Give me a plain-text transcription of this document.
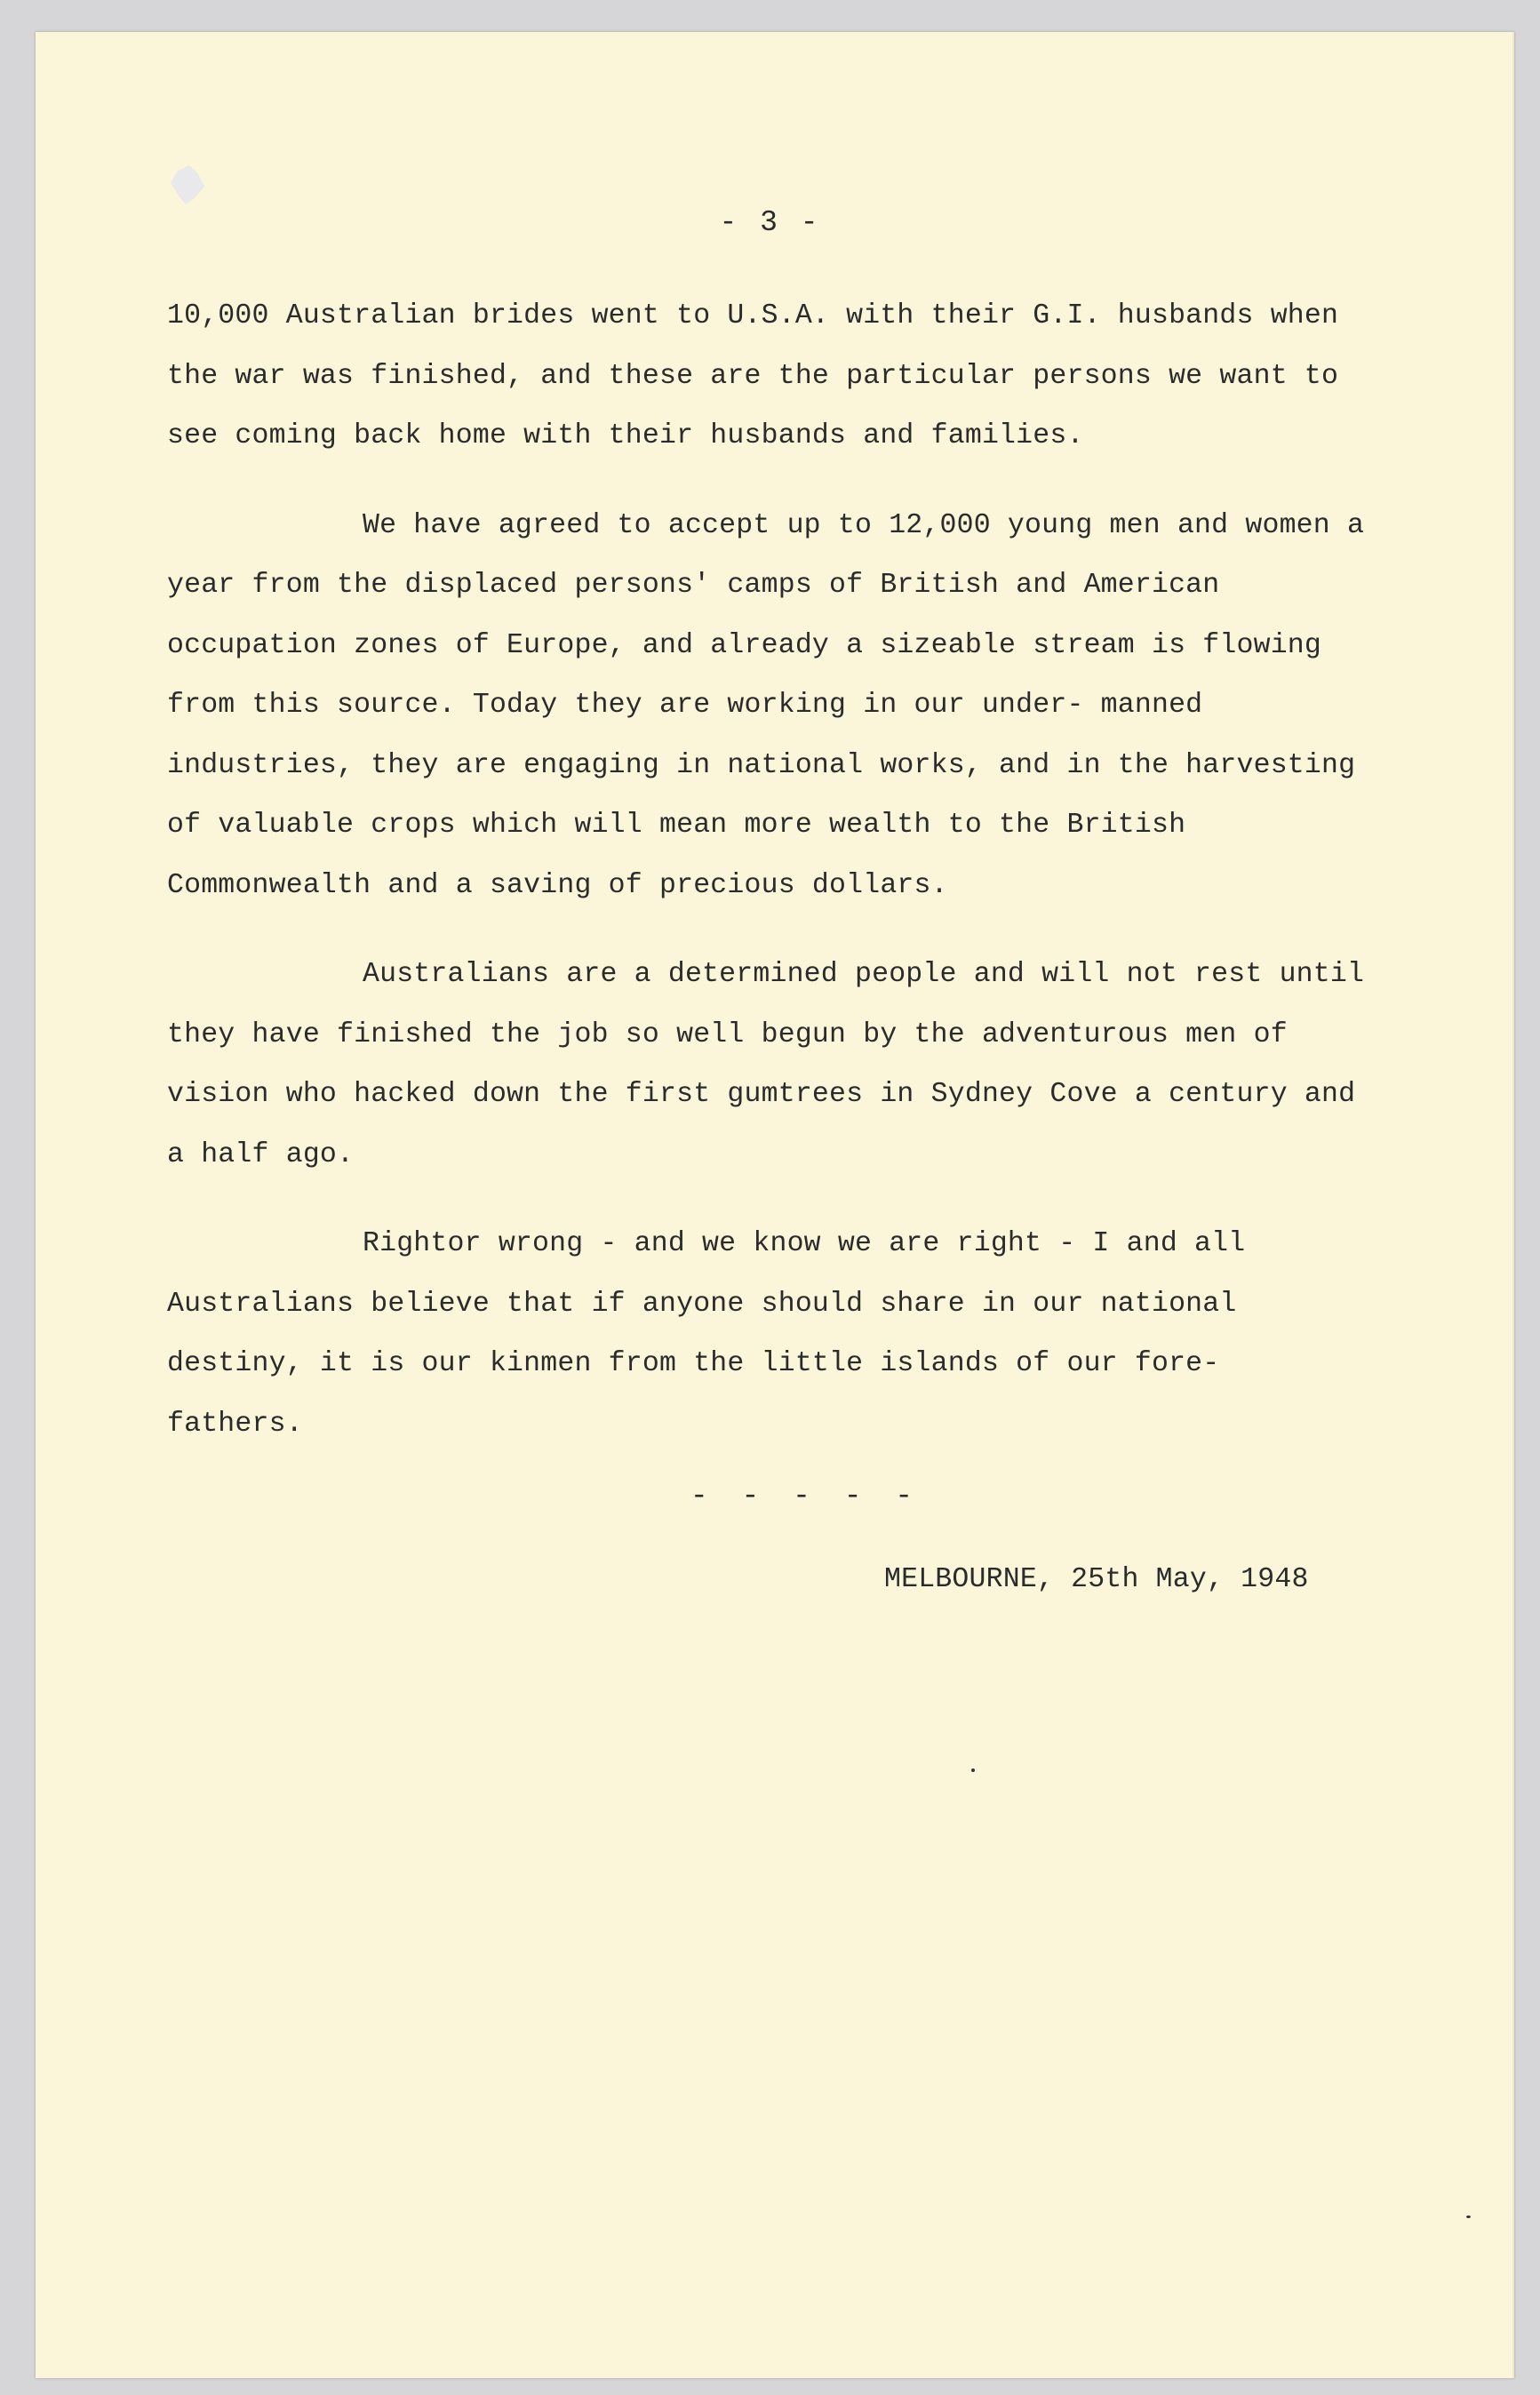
- 3 -

10,000 Australian brides went to U.S.A. with their G.I. husbands when the war was finished, and these are the particular persons we want to see coming back home with their husbands and families.

We have agreed to accept up to 12,000 young men and women a year from the displaced persons' camps of British and American occupation zones of Europe, and already a sizeable stream is flowing from this source. Today they are working in our under- manned industries, they are engaging in national works, and in the harvesting of valuable crops which will mean more wealth to the British Commonwealth and a saving of precious dollars.

Australians are a determined people and will not rest until they have finished the job so well begun by the adventurous men of vision who hacked down the first gumtrees in Sydney Cove a century and a half ago.

Rightor wrong - and we know we are right - I and all Australians believe that if anyone should share in our national destiny, it is our kinmen from the little islands of our fore- fathers.

- - - - -
MELBOURNE, 25th May, 1948
